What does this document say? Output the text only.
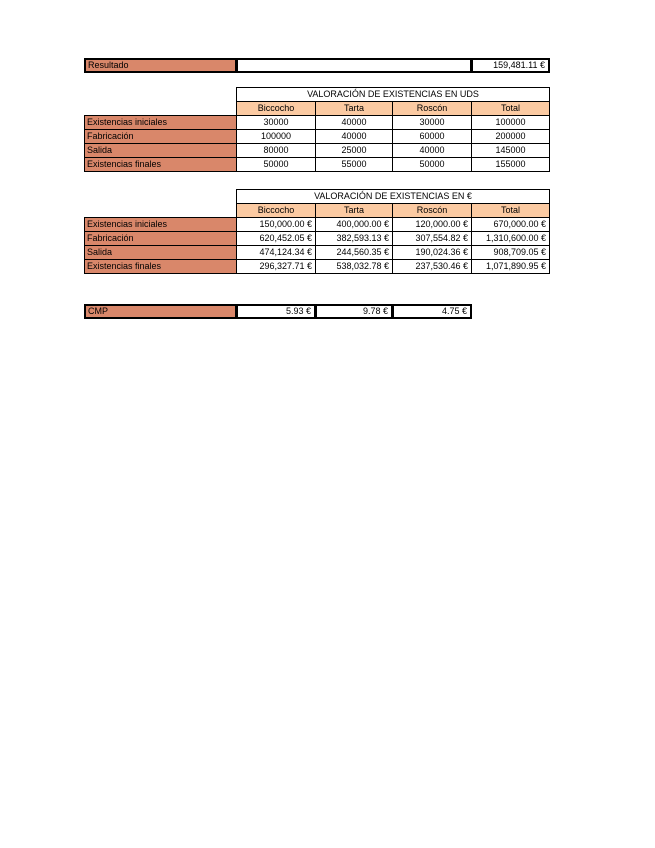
Resultado	159,481.11 €
VALORACIÓN DE EXISTENCIAS EN UDS
Biccocho	Tarta	Roscón	Total
Existencias iniciales	30000	40000	30000	100000
Fabricación	100000	40000	60000	200000
Salida	80000	25000	40000	145000
Existencias finales	50000	55000	50000	155000
VALORACIÓN DE EXISTENCIAS EN €
Biccocho	Tarta	Roscón	Total
Existencias iniciales	150,000.00 €	400,000.00 €	120,000.00 €	670,000.00 €
Fabricación	620,452.05 €	382,593.13 €	307,554.82 €	1,310,600.00 €
Salida	474,124.34 €	244,560.35 €	190,024.36 €	908,709.05 €
Existencias finales	296,327.71 €	538,032.78 €	237,530.46 €	1,071,890.95 €
CMP	5.93 €	9.78 €	4.75 €
